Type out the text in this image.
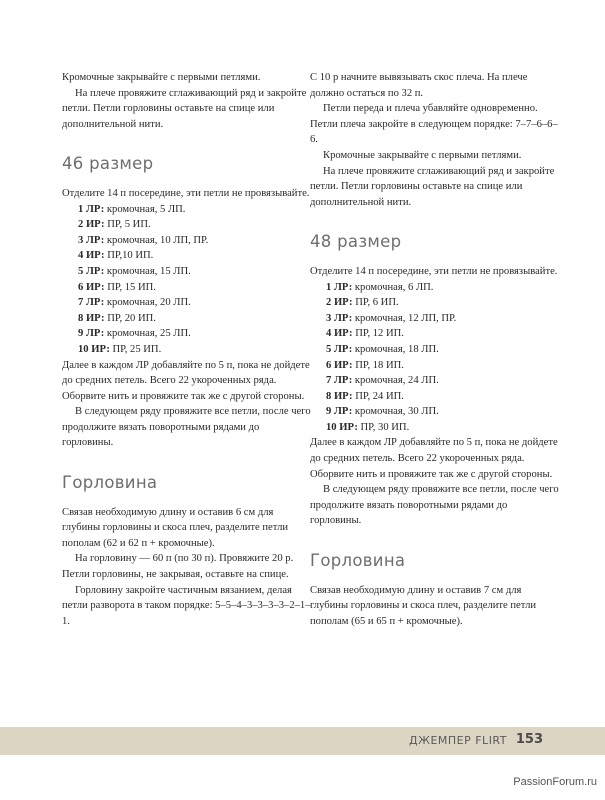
Кромочные закрывайте с первыми петлями.

На плече провяжите сглаживающий ряд и закройте петли. Петли горловины оставьте на спице или дополнительной нити.

46 размер

Отделите 14 п посередине, эти петли не провязывайте.

1 ЛР: кромочная, 5 ЛП.

2 ИР: ПР, 5 ИП.

3 ЛР: кромочная, 10 ЛП, ПР.

4 ИР: ПР,10 ИП.

5 ЛР: кромочная, 15 ЛП.

6 ИР: ПР, 15 ИП.

7 ЛР: кромочная, 20 ЛП.

8 ИР: ПР, 20 ИП.

9 ЛР: кромочная, 25 ЛП.

10 ИР: ПР, 25 ИП.

Далее в каждом ЛР добавляйте по 5 п, пока не дойдете до средних петель. Всего 22 укороченных ряда. Оборвите нить и провяжите так же с другой стороны.

В следующем ряду провяжите все петли, после чего продолжите вязать поворотными рядами до горловины.

Горловина

Связав необходимую длину и оставив 6 см для глубины горловины и скоса плеч, разделите петли пополам (62 и 62 п + кромочные).

На горловину — 60 п (по 30 п). Провяжите 20 р. Петли горловины, не закрывая, оставьте на спице.

Горловину закройте частичным вязанием, делая петли разворота в таком порядке: 5–5–4–3–3–3–3–2–1–1.

С 10 р начните вывязывать скос плеча. На плече должно остаться по 32 п.

Петли переда и плеча убавляйте одновременно. Петли плеча закройте в следующем порядке: 7–7–6–6–6.

Кромочные закрывайте с первыми петлями.

На плече провяжите сглаживающий ряд и закройте петли. Петли горловины оставьте на спице или дополнительной нити.

48 размер

Отделите 14 п посередине, эти петли не провязывайте.

1 ЛР: кромочная, 6 ЛП.

2 ИР: ПР, 6 ИП.

3 ЛР: кромочная, 12 ЛП, ПР.

4 ИР: ПР, 12 ИП.

5 ЛР: кромочная, 18 ЛП.

6 ИР: ПР, 18 ИП.

7 ЛР: кромочная, 24 ЛП.

8 ИР: ПР, 24 ИП.

9 ЛР: кромочная, 30 ЛП.

10 ИР: ПР, 30 ИП.

Далее в каждом ЛР добавляйте по 5 п, пока не дойдете до средних петель. Всего 22 укороченных ряда. Оборвите нить и провяжите так же с другой стороны.

В следующем ряду провяжите все петли, после чего продолжите вязать поворотными рядами до горловины.

Горловина

Связав необходимую длину и оставив 7 см для глубины горловины и скоса плеч, разделите петли пополам (65 и 65 п + кромочные).

ДЖЕМПЕР FLIRT 153
PassionForum.ru
